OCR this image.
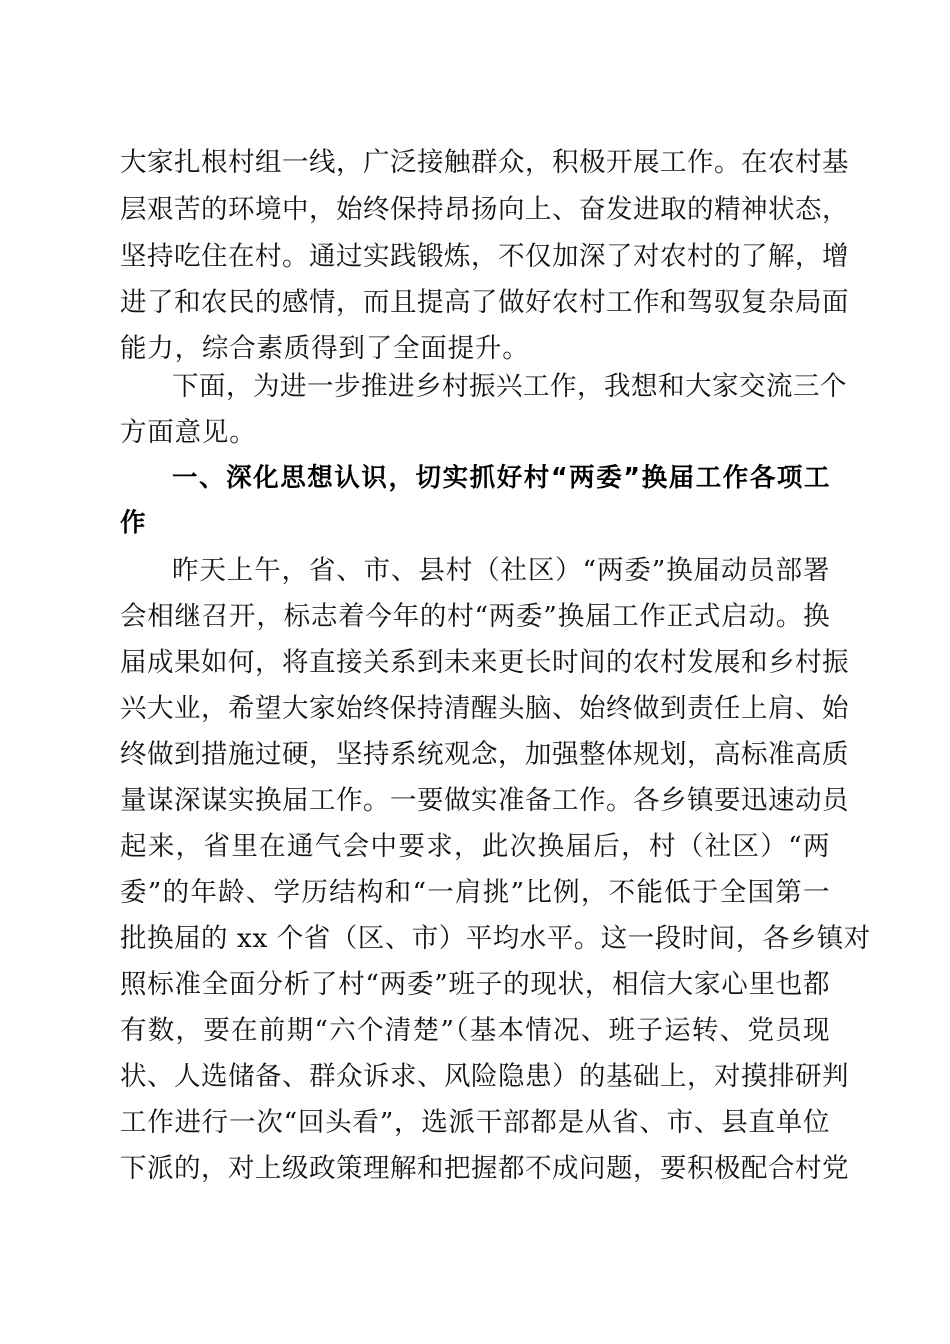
大家扎根村组一线，广泛接触群众，积极开展工作。在农村基
层艰苦的环境中，始终保持昂扬向上、奋发进取的精神状态，
坚持吃住在村。通过实践锻炼，不仅加深了对农村的了解，增
进了和农民的感情，而且提高了做好农村工作和驾驭复杂局面
能力，综合素质得到了全面提升。
下面，为进一步推进乡村振兴工作，我想和大家交流三个
方面意见。
一、深化思想认识，切实抓好村“两委”换届工作各项工
作
昨天上午，省、市、县村（社区）“两委”换届动员部署
会相继召开，标志着今年的村“两委”换届工作正式启动。换
届成果如何，将直接关系到未来更长时间的农村发展和乡村振
兴大业，希望大家始终保持清醒头脑、始终做到责任上肩、始
终做到措施过硬，坚持系统观念，加强整体规划，高标准高质
量谋深谋实换届工作。一要做实准备工作。各乡镇要迅速动员
起来，省里在通气会中要求，此次换届后，村（社区）“两
委”的年龄、学历结构和“一肩挑”比例，不能低于全国第一
批换届的 xx 个省（区、市）平均水平。这一段时间，各乡镇对
照标准全面分析了村“两委”班子的现状，相信大家心里也都
有数，要在前期“六个清楚”（基本情况、班子运转、党员现
状、人选储备、群众诉求、风险隐患）的基础上，对摸排研判
工作进行一次“回头看”，选派干部都是从省、市、县直单位
下派的，对上级政策理解和把握都不成问题，要积极配合村党
